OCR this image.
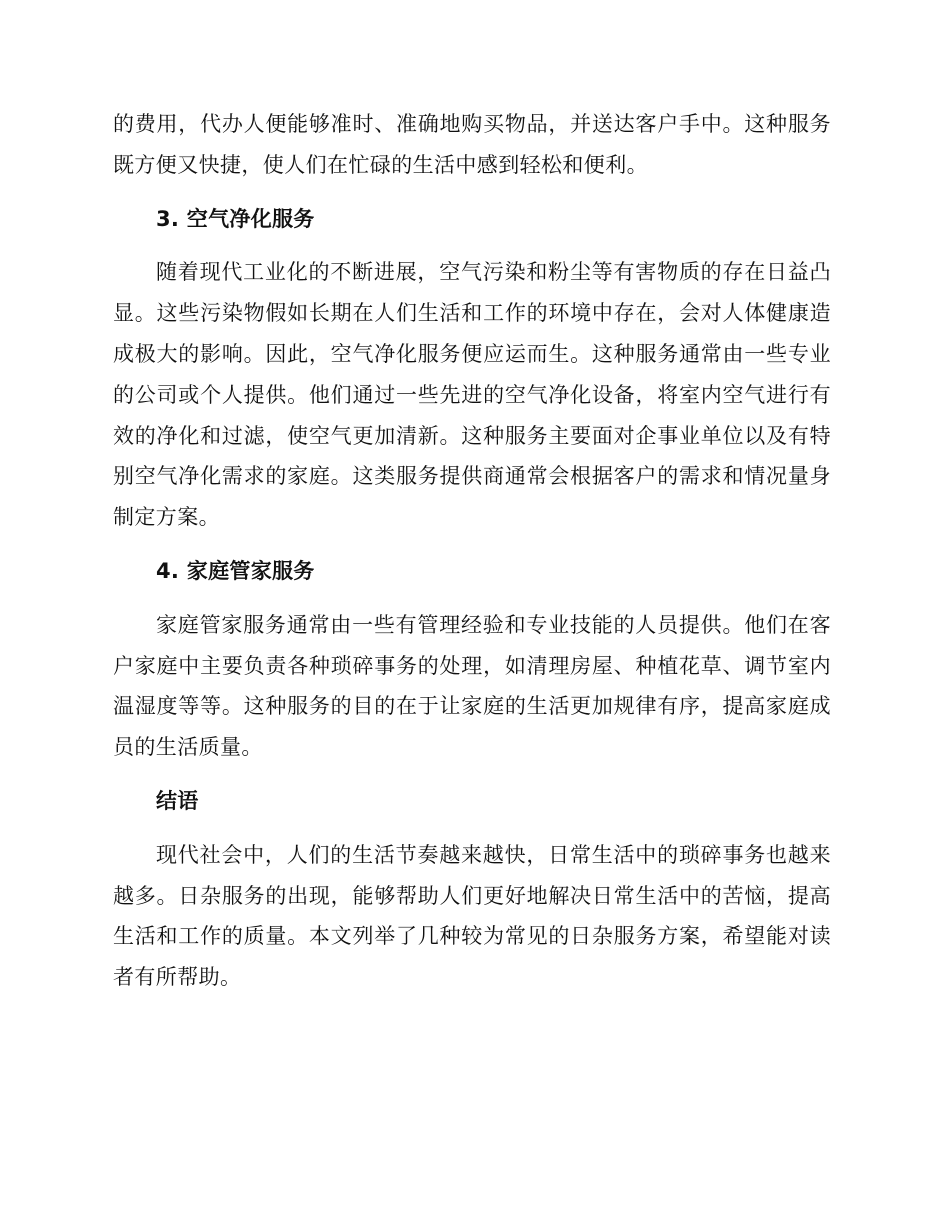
的费用，代办人便能够准时、准确地购买物品，并送达客户手中。这种服务既方便又快捷，使人们在忙碌的生活中感到轻松和便利。

3. 空气净化服务

随着现代工业化的不断进展，空气污染和粉尘等有害物质的存在日益凸显。这些污染物假如长期在人们生活和工作的环境中存在，会对人体健康造成极大的影响。因此，空气净化服务便应运而生。这种服务通常由一些专业的公司或个人提供。他们通过一些先进的空气净化设备，将室内空气进行有效的净化和过滤，使空气更加清新。这种服务主要面对企事业单位以及有特别空气净化需求的家庭。这类服务提供商通常会根据客户的需求和情况量身制定方案。

4. 家庭管家服务

家庭管家服务通常由一些有管理经验和专业技能的人员提供。他们在客户家庭中主要负责各种琐碎事务的处理，如清理房屋、种植花草、调节室内温湿度等等。这种服务的目的在于让家庭的生活更加规律有序，提高家庭成员的生活质量。

结语

现代社会中，人们的生活节奏越来越快，日常生活中的琐碎事务也越来越多。日杂服务的出现，能够帮助人们更好地解决日常生活中的苦恼，提高生活和工作的质量。本文列举了几种较为常见的日杂服务方案，希望能对读者有所帮助。
